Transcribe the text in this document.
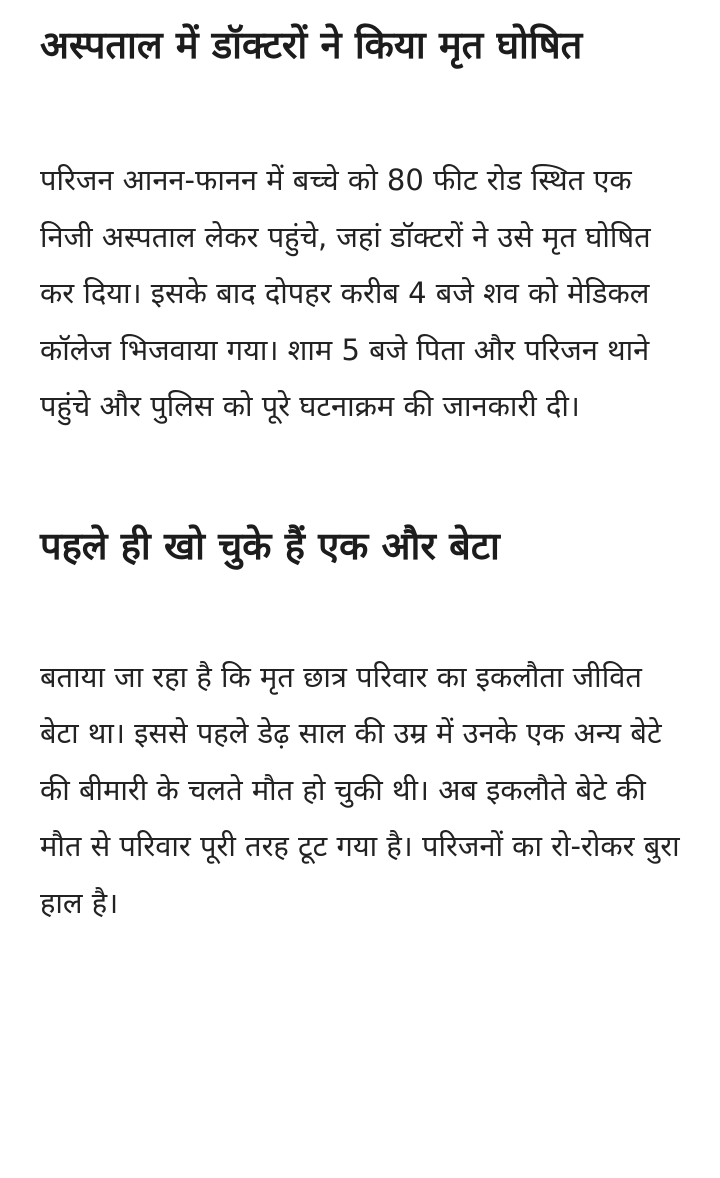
अस्पताल में डॉक्टरों ने किया मृत घोषित

परिजन आनन-फानन में बच्चे को 80 फीट रोड स्थित एक निजी अस्पताल लेकर पहुंचे, जहां डॉक्टरों ने उसे मृत घोषित कर दिया। इसके बाद दोपहर करीब 4 बजे शव को मेडिकल कॉलेज भिजवाया गया। शाम 5 बजे पिता और परिजन थाने पहुंचे और पुलिस को पूरे घटनाक्रम की जानकारी दी।

पहले ही खो चुके हैं एक और बेटा

बताया जा रहा है कि मृत छात्र परिवार का इकलौता जीवित बेटा था। इससे पहले डेढ़ साल की उम्र में उनके एक अन्य बेटे की बीमारी के चलते मौत हो चुकी थी। अब इकलौते बेटे की मौत से परिवार पूरी तरह टूट गया है। परिजनों का रो-रोकर बुरा हाल है।
